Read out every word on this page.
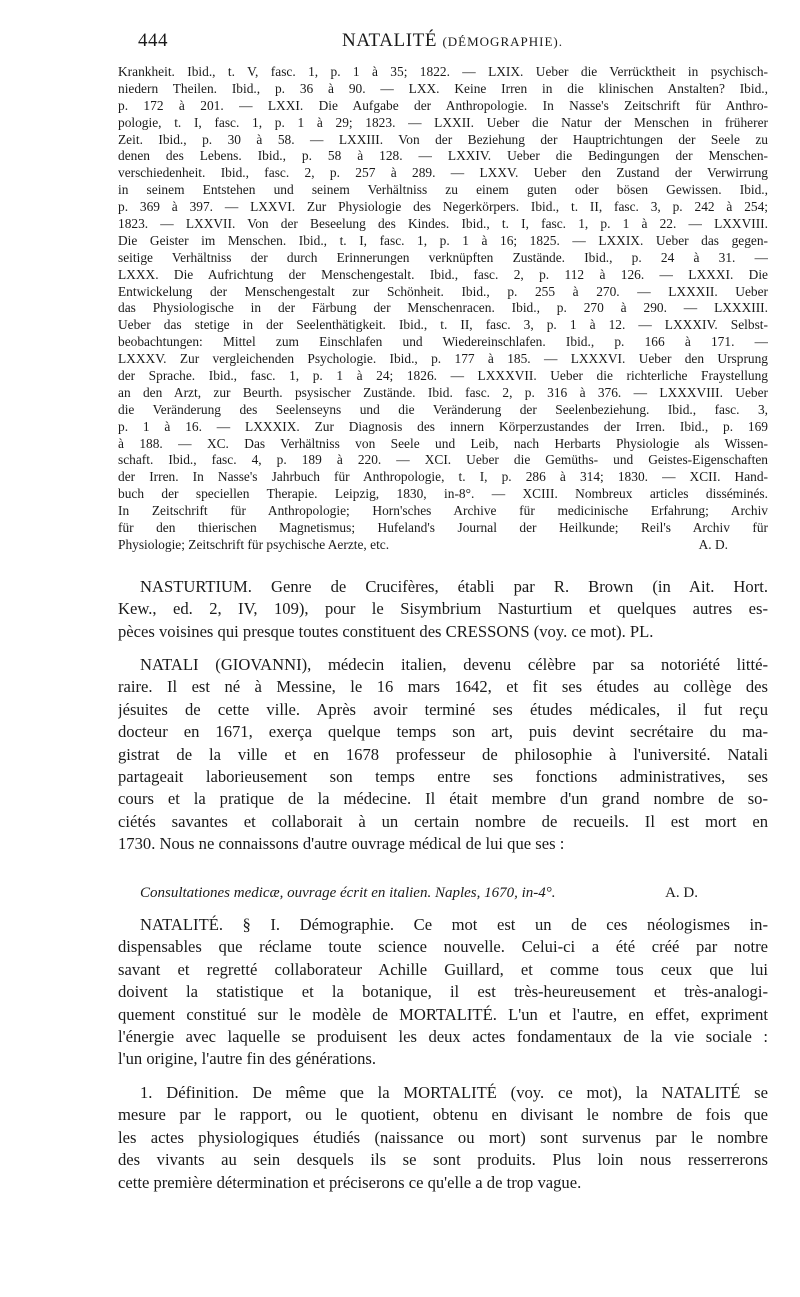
444	NATALITÉ (DÉMOGRAPHIE).
Krankheit. Ibid., t. V, fasc. 1, p. 1 à 35; 1822. — LXIX. Ueber die Verrücktheit in psychisch-
niedern Theilen. Ibid., p. 36 à 90. — LXX. Keine Irren in die klinischen Anstalten? Ibid.,
p. 172 à 201. — LXXI. Die Aufgabe der Anthropologie. In Nasse's Zeitschrift für Anthro-
pologie, t. I, fasc. 1, p. 1 à 29; 1823. — LXXII. Ueber die Natur der Menschen in früherer
Zeit. Ibid., p. 30 à 58. — LXXIII. Von der Beziehung der Hauptrichtungen der Seele zu
denen des Lebens. Ibid., p. 58 à 128. — LXXIV. Ueber die Bedingungen der Menschen-
verschiedenheit. Ibid., fasc. 2, p. 257 à 289. — LXXV. Ueber den Zustand der Verwirrung
in seinem Entstehen und seinem Verhältniss zu einem guten oder bösen Gewissen. Ibid.,
p. 369 à 397. — LXXVI. Zur Physiologie des Negerkörpers. Ibid., t. II, fasc. 3, p. 242 à 254;
1823. — LXXVII. Von der Beseelung des Kindes. Ibid., t. I, fasc. 1, p. 1 à 22. — LXXVIII.
Die Geister im Menschen. Ibid., t. I, fasc. 1, p. 1 à 16; 1825. — LXXIX. Ueber das gegen-
seitige Verhältniss der durch Erinnerungen verknüpften Zustände. Ibid., p. 24 à 31. —
LXXX. Die Aufrichtung der Menschengestalt. Ibid., fasc. 2, p. 112 à 126. — LXXXI. Die
Entwickelung der Menschengestalt zur Schönheit. Ibid., p. 255 à 270. — LXXXII. Ueber
das Physiologische in der Färbung der Menschenracen. Ibid., p. 270 à 290. — LXXXIII.
Ueber das stetige in der Seelenthätigkeit. Ibid., t. II, fasc. 3, p. 1 à 12. — LXXXIV. Selbst-
beobachtungen: Mittel zum Einschlafen und Wiedereinschlafen. Ibid., p. 166 à 171. —
LXXXV. Zur vergleichenden Psychologie. Ibid., p. 177 à 185. — LXXXVI. Ueber den Ursprung
der Sprache. Ibid., fasc. 1, p. 1 à 24; 1826. — LXXXVII. Ueber die richterliche Fraystellung
an den Arzt, zur Beurth. psysischer Zustände. Ibid. fasc. 2, p. 316 à 376. — LXXXVIII. Ueber
die Veränderung des Seelenseyns und die Veränderung der Seelenbeziehung. Ibid., fasc. 3,
p. 1 à 16. — LXXXIX. Zur Diagnosis des innern Körperzustandes der Irren. Ibid., p. 169
à 188. — XC. Das Verhältniss von Seele und Leib, nach Herbarts Physiologie als Wissen-
schaft. Ibid., fasc. 4, p. 189 à 220. — XCI. Ueber die Gemüths- und Geistes-Eigenschaften
der Irren. In Nasse's Jahrbuch für Anthropologie, t. I, p. 286 à 314; 1830. — XCII. Hand-
buch der speciellen Therapie. Leipzig, 1830, in-8°. — XCIII. Nombreux articles disséminés.
In Zeitschrift für Anthropologie; Horn'sches Archive für medicinische Erfahrung; Archiv
für den thierischen Magnetismus; Hufeland's Journal der Heilkunde; Reil's Archiv für
Physiologie; Zeitschrift für psychische Aerzte, etc.	A. D.
NASTURTIUM. Genre de Crucifères, établi par R. Brown (in Ait. Hort.
Kew., ed. 2, IV, 109), pour le Sisymbrium Nasturtium et quelques autres es-
pèces voisines qui presque toutes constituent des CRESSONS (voy. ce mot). PL.
NATALI (GIOVANNI), médecin italien, devenu célèbre par sa notoriété litté-
raire. Il est né à Messine, le 16 mars 1642, et fit ses études au collège des
jésuites de cette ville. Après avoir terminé ses études médicales, il fut reçu
docteur en 1671, exerça quelque temps son art, puis devint secrétaire du ma-
gistrat de la ville et en 1678 professeur de philosophie à l'université. Natali
partageait laborieusement son temps entre ses fonctions administratives, ses
cours et la pratique de la médecine. Il était membre d'un grand nombre de so-
ciétés savantes et collaborait à un certain nombre de recueils. Il est mort en
1730. Nous ne connaissons d'autre ouvrage médical de lui que ses :
Consultationes medicæ, ouvrage écrit en italien. Naples, 1670, in-4°.	A. D.
NATALITÉ. § I. Démographie. Ce mot est un de ces néologismes in-
dispensables que réclame toute science nouvelle. Celui-ci a été créé par notre
savant et regretté collaborateur Achille Guillard, et comme tous ceux que lui
doivent la statistique et la botanique, il est très-heureusement et très-analogi-
quement constitué sur le modèle de MORTALITÉ. L'un et l'autre, en effet, expriment
l'énergie avec laquelle se produisent les deux actes fondamentaux de la vie sociale :
l'un origine, l'autre fin des générations.
1. Définition. De même que la MORTALITÉ (voy. ce mot), la NATALITÉ se
mesure par le rapport, ou le quotient, obtenu en divisant le nombre de fois que
les actes physiologiques étudiés (naissance ou mort) sont survenus par le nombre
des vivants au sein desquels ils se sont produits. Plus loin nous resserrerons
cette première détermination et préciserons ce qu'elle a de trop vague.
